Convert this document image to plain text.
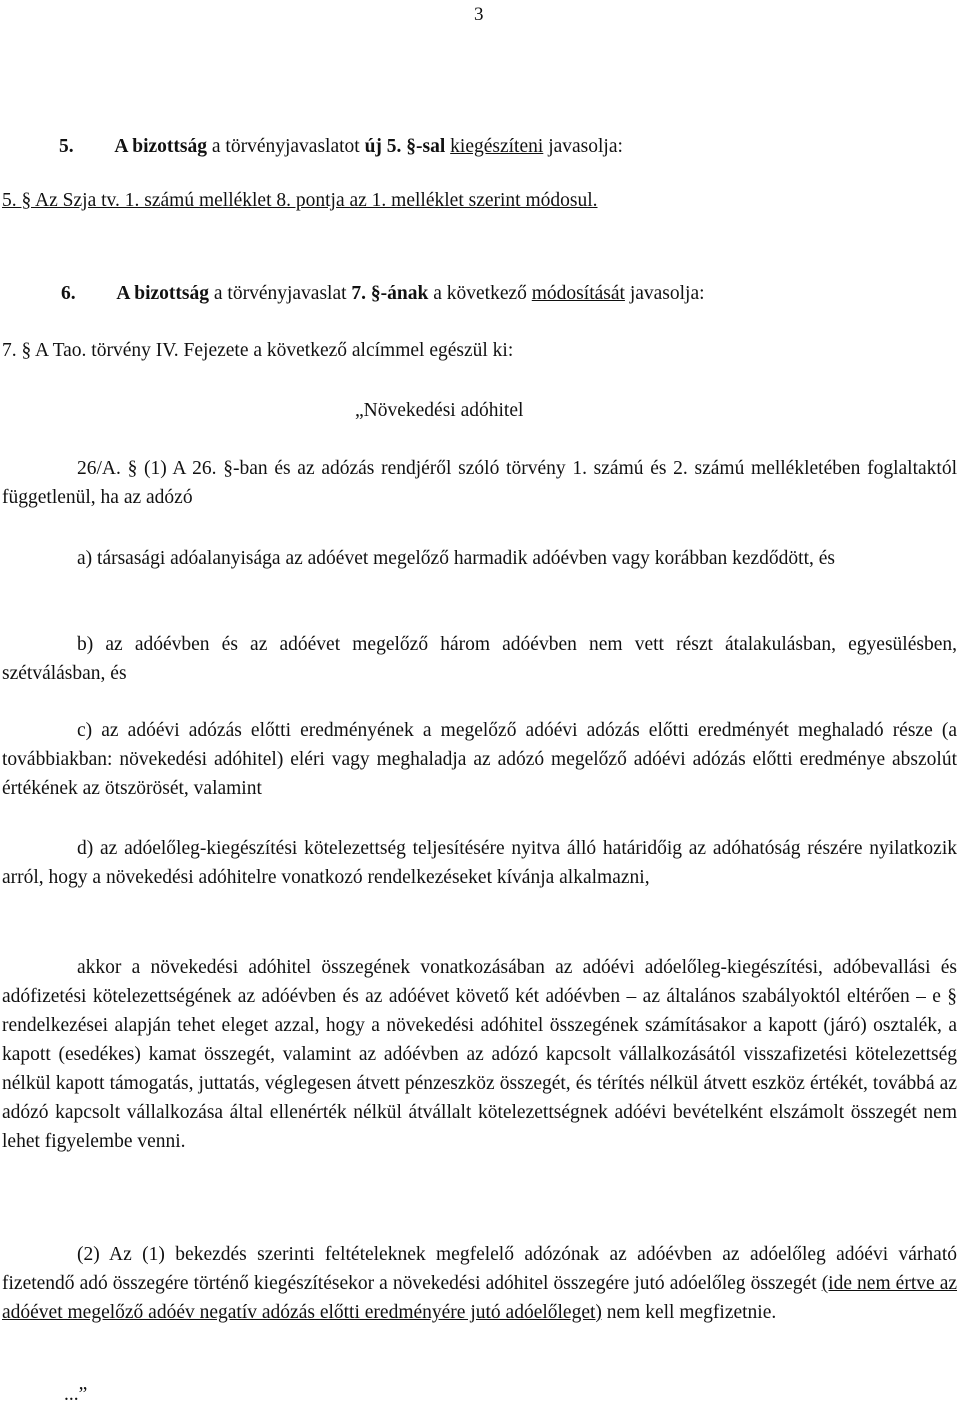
3
5. A bizottság a törvényjavaslatot új 5. §-sal kiegészíteni javasolja:
5. § Az Szja tv. 1. számú melléklet 8. pontja az 1. melléklet szerint módosul.
6. A bizottság a törvényjavaslat 7. §-ának a következő módosítását javasolja:
7. § A Tao. törvény IV. Fejezete a következő alcímmel egészül ki:
„Növekedési adóhitel

26/A. § (1) A 26. §-ban és az adózás rendjéről szóló törvény 1. számú és 2. számú mellékletében foglaltaktól függetlenül, ha az adózó

a) társasági adóalanyisága az adóévet megelőző harmadik adóévben vagy korábban kezdődött, és

b) az adóévben és az adóévet megelőző három adóévben nem vett részt átalakulásban, egyesülésben, szétválásban, és

c) az adóévi adózás előtti eredményének a megelőző adóévi adózás előtti eredményét meghaladó része (a továbbiakban: növekedési adóhitel) eléri vagy meghaladja az adózó megelőző adóévi adózás előtti eredménye abszolút értékének az ötszörösét, valamint

d) az adóelőleg-kiegészítési kötelezettség teljesítésére nyitva álló határidőig az adóhatóság részére nyilatkozik arról, hogy a növekedési adóhitelre vonatkozó rendelkezéseket kívánja alkalmazni,

akkor a növekedési adóhitel összegének vonatkozásában az adóévi adóelőleg-kiegészítési, adóbevallási és adófizetési kötelezettségének az adóévben és az adóévet követő két adóévben – az általános szabályoktól eltérően – e § rendelkezései alapján tehet eleget azzal, hogy a növekedési adóhitel összegének számításakor a kapott (járó) osztalék, a kapott (esedékes) kamat összegét, valamint az adóévben az adózó kapcsolt vállalkozásától visszafizetési kötelezettség nélkül kapott támogatás, juttatás, véglegesen átvett pénzeszköz összegét, és térítés nélkül átvett eszköz értékét, továbbá az adózó kapcsolt vállalkozása által ellenérték nélkül átvállalt kötelezettségnek adóévi bevételként elszámolt összegét nem lehet figyelembe venni.

(2) Az (1) bekezdés szerinti feltételeknek megfelelő adózónak az adóévben az adóelőleg adóévi várható fizetendő adó összegére történő kiegészítésekor a növekedési adóhitel összegére jutó adóelőleg összegét (ide nem értve az adóévet megelőző adóév negatív adózás előtti eredményére jutó adóelőleget) nem kell megfizetnie.

...”
